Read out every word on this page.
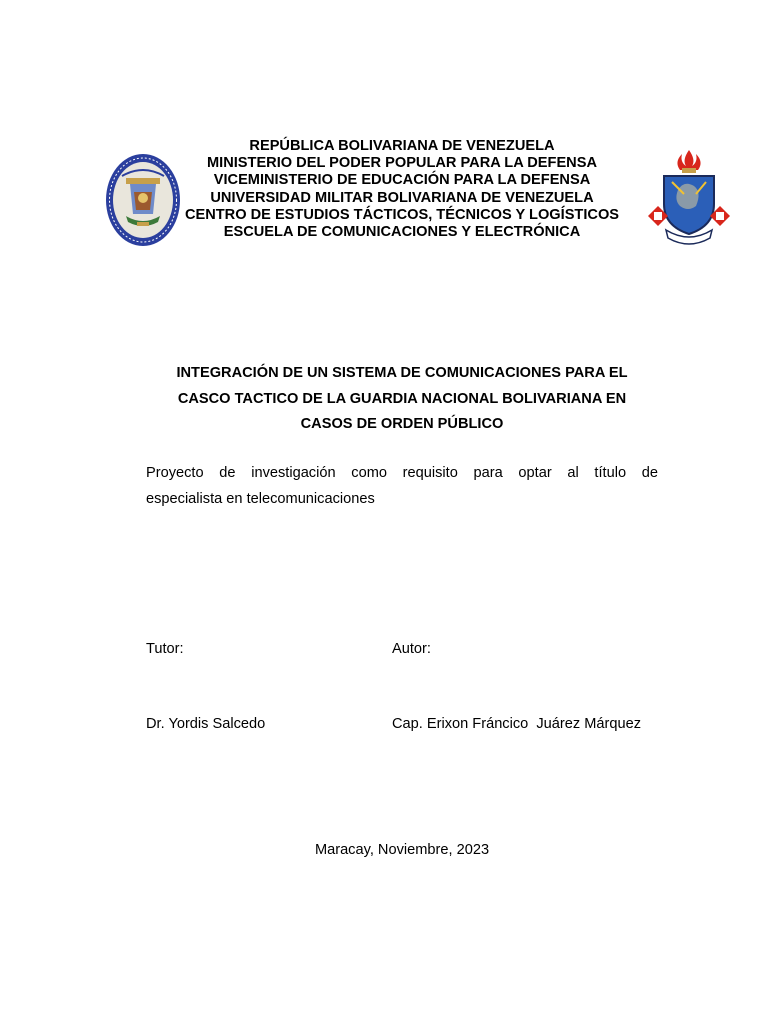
REPÚBLICA BOLIVARIANA DE VENEZUELA
MINISTERIO DEL PODER POPULAR PARA LA DEFENSA
VICEMINISTERIO DE EDUCACIÓN PARA LA DEFENSA
UNIVERSIDAD MILITAR BOLIVARIANA DE VENEZUELA
CENTRO DE ESTUDIOS TÁCTICOS, TÉCNICOS Y LOGÍSTICOS
ESCUELA DE COMUNICACIONES Y ELECTRÓNICA
INTEGRACIÓN DE UN SISTEMA DE COMUNICACIONES PARA EL
CASCO TACTICO DE LA GUARDIA NACIONAL BOLIVARIANA EN
CASOS DE ORDEN PÚBLICO
Proyecto de investigación como requisito para optar al título de
especialista en telecomunicaciones

Tutor:

Dr. Yordis Salcedo

Autor:

Cap. Erixon Fráncico  Juárez Márquez

Maracay, Noviembre, 2023
